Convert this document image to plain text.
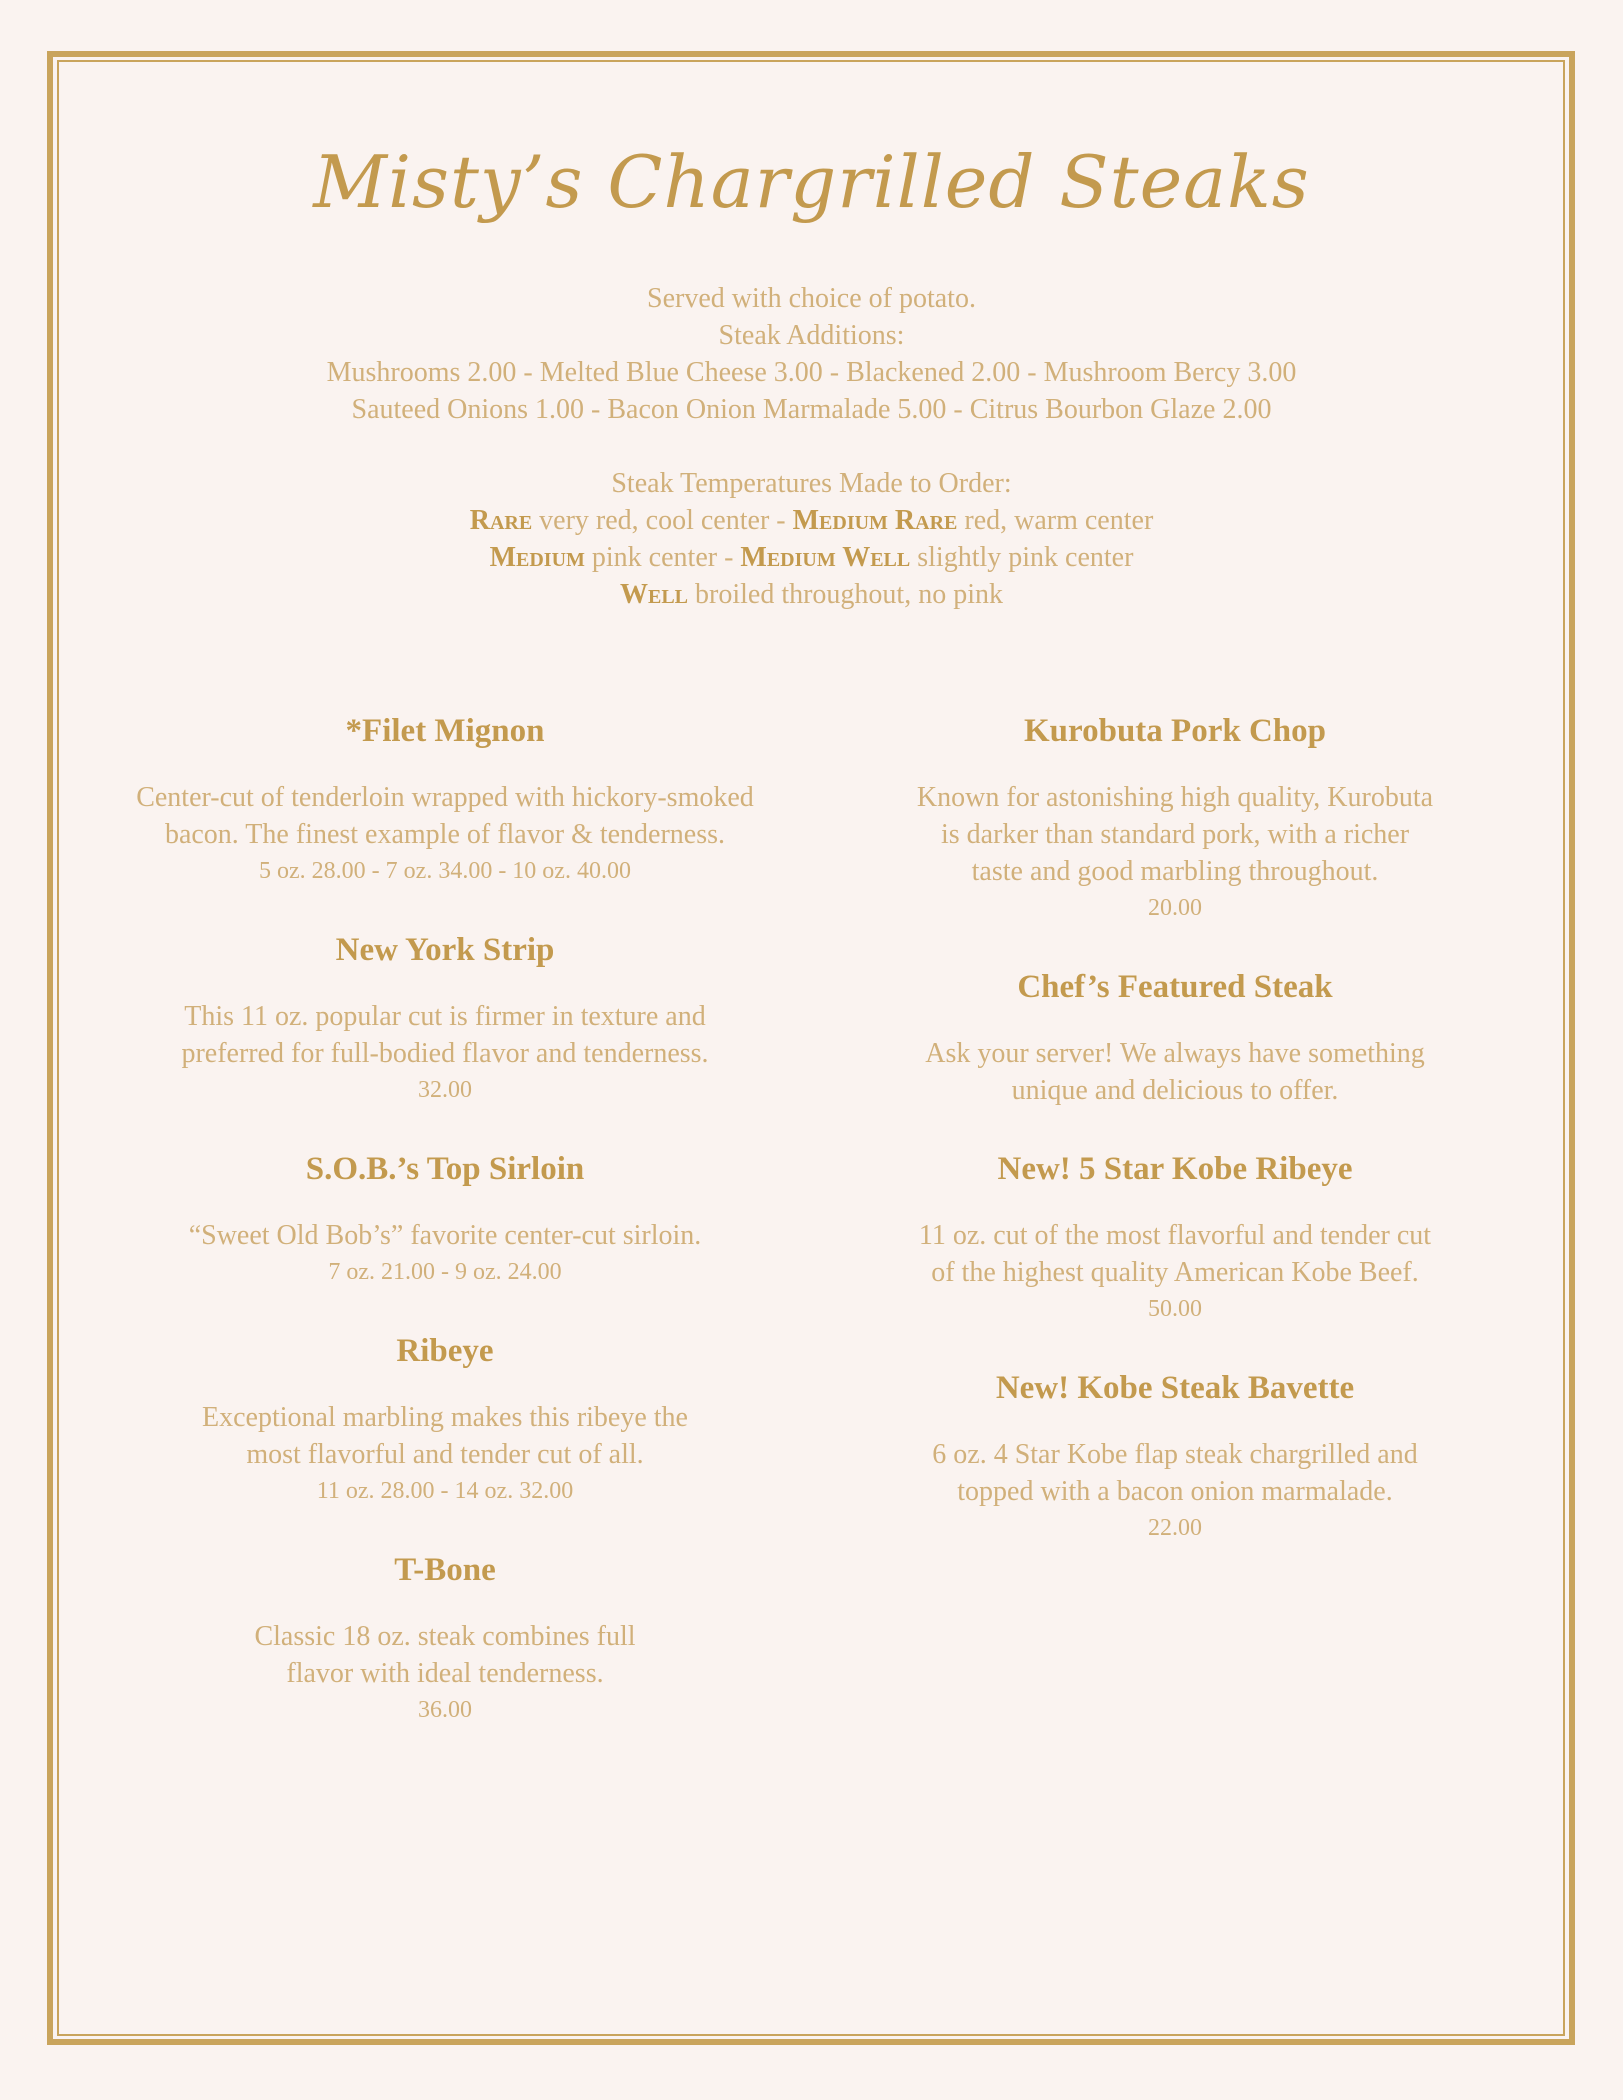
Misty’s Chargrilled Steaks
Served with choice of potato.
Steak Additions:
Mushrooms 2.00 - Melted Blue Cheese 3.00 - Blackened 2.00 - Mushroom Bercy 3.00
Sauteed Onions 1.00 - Bacon Onion Marmalade 5.00 - Citrus Bourbon Glaze 2.00
Steak Temperatures Made to Order:
Rare very red, cool center - Medium Rare red, warm center
Medium pink center - Medium Well slightly pink center
Well broiled throughout, no pink
*Filet Mignon
Center-cut of tenderloin wrapped with hickory-smoked
bacon. The finest example of flavor & tenderness.
5 oz. 28.00 - 7 oz. 34.00 - 10 oz. 40.00
New York Strip
This 11 oz. popular cut is firmer in texture and
preferred for full-bodied flavor and tenderness.
32.00
S.O.B.’s Top Sirloin
“Sweet Old Bob’s” favorite center-cut sirloin.
7 oz. 21.00 - 9 oz. 24.00
Ribeye
Exceptional marbling makes this ribeye the
most flavorful and tender cut of all.
11 oz. 28.00 - 14 oz. 32.00
T-Bone
Classic 18 oz. steak combines full
flavor with ideal tenderness.
36.00
Kurobuta Pork Chop
Known for astonishing high quality, Kurobuta
is darker than standard pork, with a richer
taste and good marbling throughout.
20.00
Chef’s Featured Steak
Ask your server! We always have something
unique and delicious to offer.
New! 5 Star Kobe Ribeye
11 oz. cut of the most flavorful and tender cut
of the highest quality American Kobe Beef.
50.00
New! Kobe Steak Bavette
6 oz. 4 Star Kobe flap steak chargrilled and
topped with a bacon onion marmalade.
22.00
